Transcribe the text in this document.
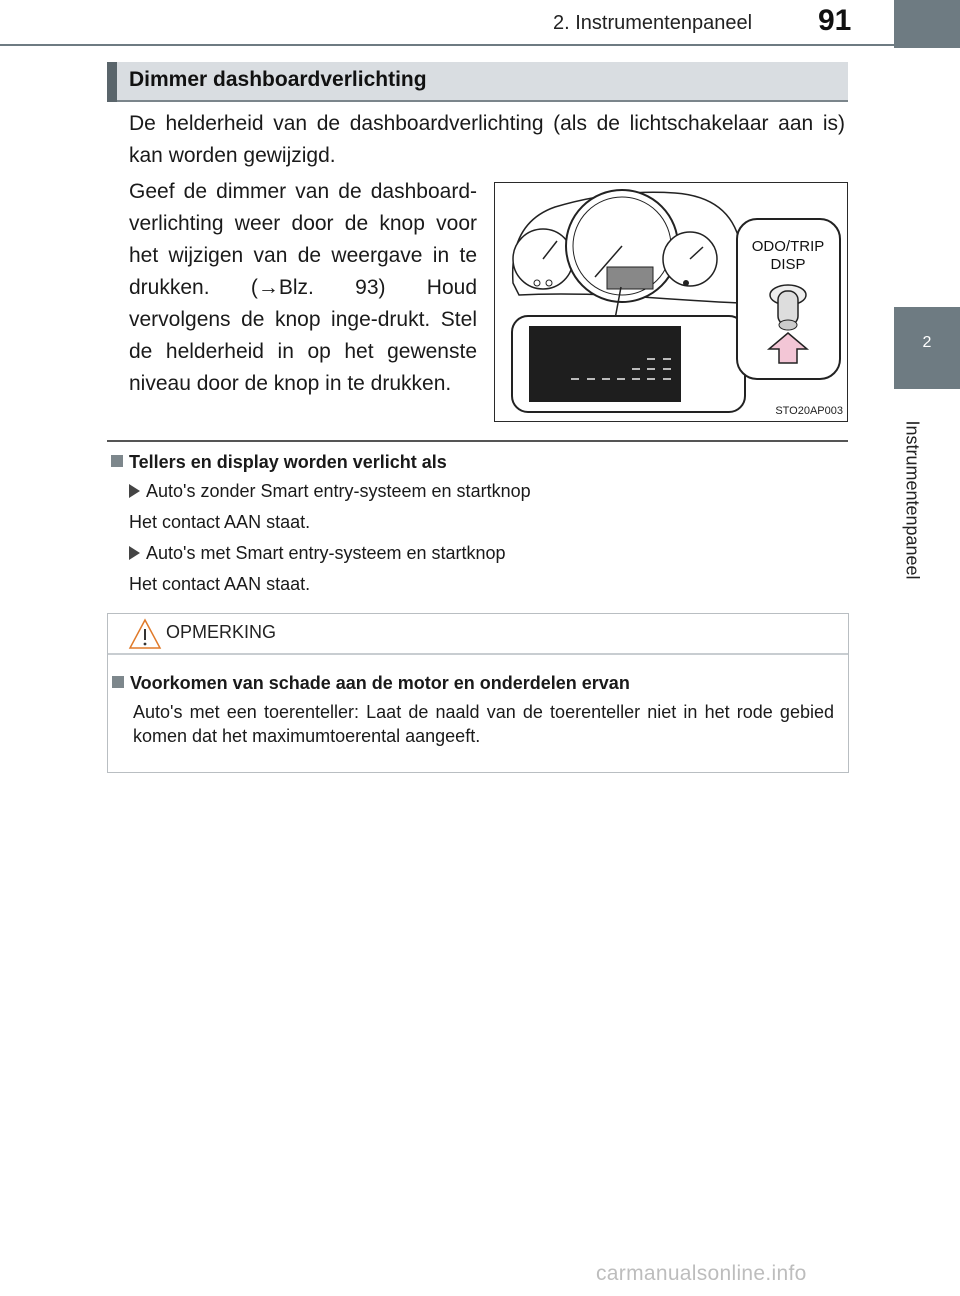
2. Instrumentenpaneel 91
2
Instrumentenpaneel
Dimmer dashboardverlichting
De helderheid van de dashboardverlichting (als de lichtschakelaar aan is) kan worden gewijzigd.
Geef de dimmer van de dashboard-verlichting weer door de knop voor het wijzigen van de weergave in te drukken. (→Blz. 93) Houd vervolgens de knop inge-drukt. Stel de helderheid in op het gewenste niveau door de knop in te drukken.
ODO/TRIP
DISP
STO20AP003
Tellers en display worden verlicht als
Auto's zonder Smart entry-systeem en startknop
Het contact AAN staat.
Auto's met Smart entry-systeem en startknop
Het contact AAN staat.
OPMERKING
Voorkomen van schade aan de motor en onderdelen ervan
Auto's met een toerenteller: Laat de naald van de toerenteller niet in het rode gebied komen dat het maximumtoerental aangeeft.
carmanualsonline.info
